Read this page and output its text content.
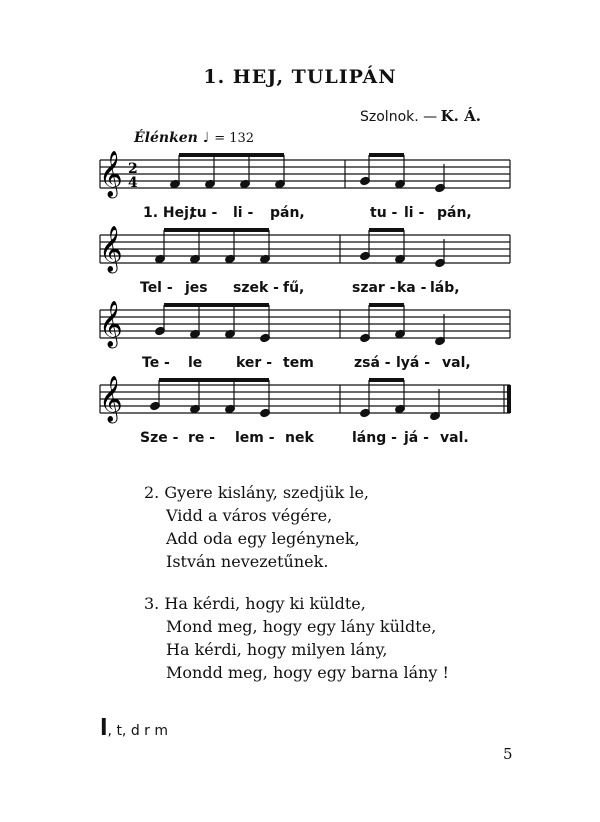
1. HEJ, TULIPÁN
Szolnok. — K. Á.
Élénken ♩ = 132
𝄞
𝄞
𝄞
𝄞
2
4
1. Hej,
tu - li - pán,	tu - li - pán,
Tel - jes szek - fű,	szar - ka - láb,
Te - le ker - tem	zsá - lyá - val,
Sze - re - lem - nek	láng - já - val.
2. Gyere kislány, szedjük le,
Vidd a város végére,
Add oda egy legénynek,
István nevezetűnek.
3. Ha kérdi, hogy ki küldte,
Mond meg, hogy egy lány küldte,
Ha kérdi, hogy milyen lány,
Mondd meg, hogy egy barna lány !
l, t, d r m
5
